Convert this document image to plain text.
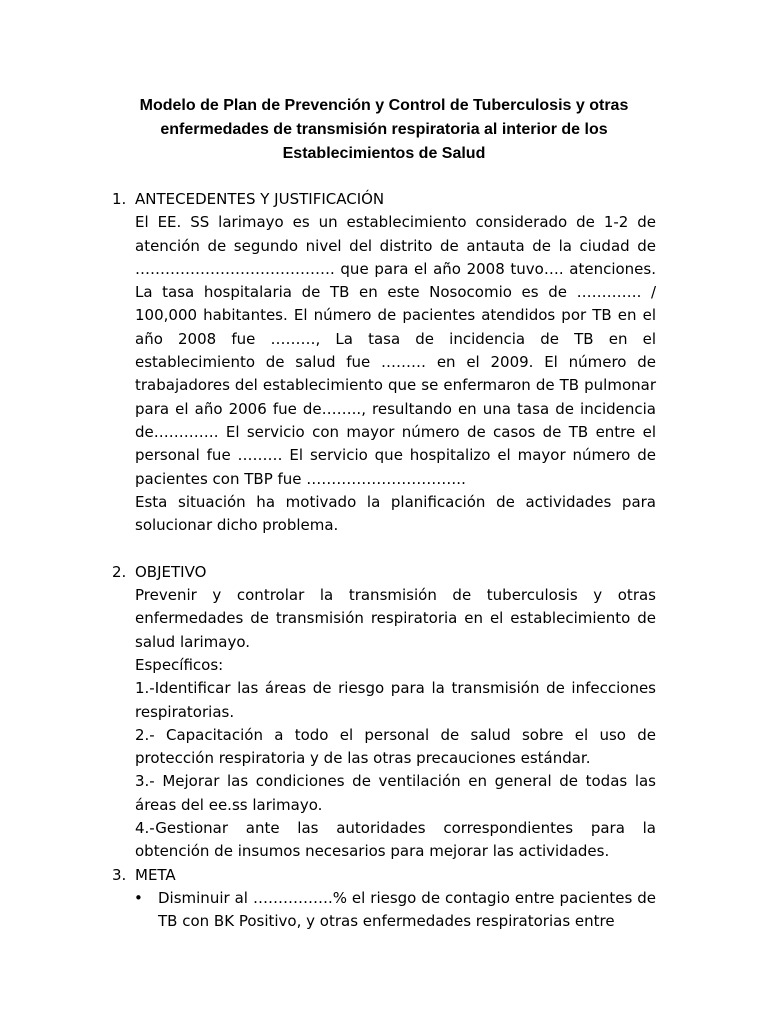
Modelo de Plan de Prevención y Control de Tuberculosis y otras
enfermedades de transmisión respiratoria al interior de los
Establecimientos de Salud

1. ANTECEDENTES Y JUSTIFICACIÓN

El EE. SS larimayo es un establecimiento considerado de 1-2 de atención de segundo nivel del distrito de antauta de la ciudad de …………………………………. que para el año 2008 tuvo…. atenciones. La tasa hospitalaria de TB en este Nosocomio es de …………. / 100,000 habitantes. El número de pacientes atendidos por TB en el año 2008 fue ………, La tasa de incidencia de TB en el establecimiento de salud fue ……… en el 2009. El número de trabajadores del establecimiento que se enfermaron de TB pulmonar para el año 2006 fue de…….., resultando en una tasa de incidencia de…………. El servicio con mayor número de casos de TB entre el personal fue ……… El servicio que hospitalizo el mayor número de pacientes con TBP fue …………………………..

Esta situación ha motivado la planificación de actividades para solucionar dicho problema.

2. OBJETIVO

Prevenir y controlar la transmisión de tuberculosis y otras enfermedades de transmisión respiratoria en el establecimiento de salud larimayo.

Específicos:

1.-Identificar las áreas de riesgo para la transmisión de infecciones respiratorias.

2.- Capacitación a todo el personal de salud sobre el uso de protección respiratoria y de las otras precauciones estándar.

3.- Mejorar las condiciones de ventilación en general de todas las áreas del ee.ss larimayo.

4.-Gestionar ante las autoridades correspondientes para la obtención de insumos necesarios para mejorar las actividades.

3. META

• Disminuir al …………….% el riesgo de contagio entre pacientes de TB con BK Positivo, y otras enfermedades respiratorias entre
